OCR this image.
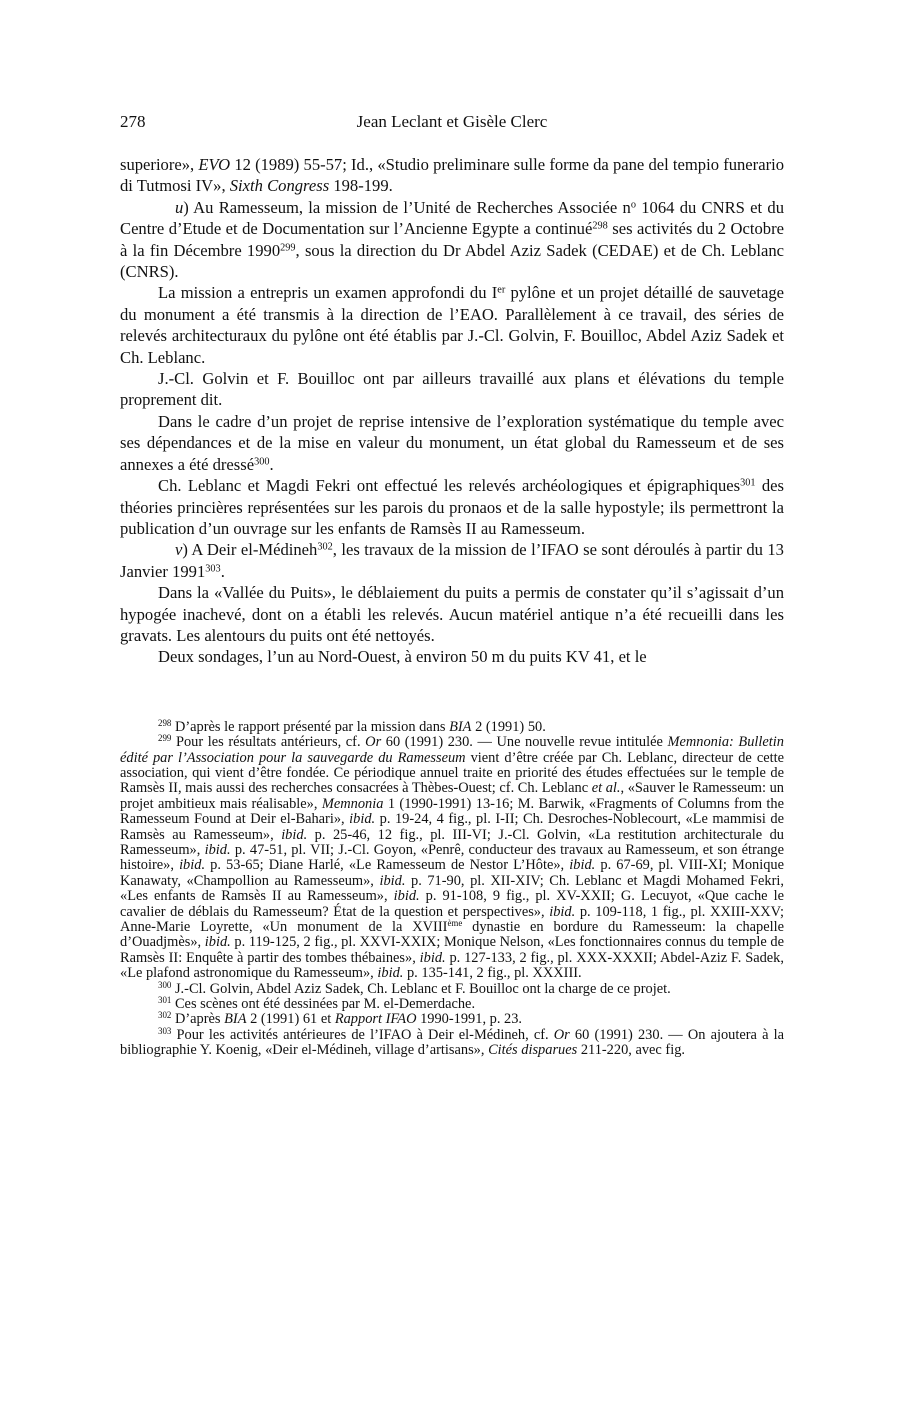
278	Jean Leclant et Gisèle Clerc

superiore», EVO 12 (1989) 55-57; Id., «Studio preliminare sulle forme da pane del tempio funerario di Tutmosi IV», Sixth Congress 198-199.

u) Au Ramesseum, la mission de l’Unité de Recherches Associée $n^o$ 1064 du CNRS et du Centre d’Etude et de Documentation sur l’Ancienne Egypte a continué$^{298}$ ses activités du 2 Octobre à la fin Décembre 1990$^{299}$, sous la direction du Dr Abdel Aziz Sadek (CEDAE) et de Ch. Leblanc (CNRS).

La mission a entrepris un examen approfondi du Ier pylône et un projet détaillé de sauvetage du monument a été transmis à la direction de l’EAO. Parallèlement à ce travail, des séries de relevés architecturaux du pylône ont été établis par J.-Cl. Golvin, F. Bouilloc, Abdel Aziz Sadek et Ch. Leblanc.

J.-Cl. Golvin et F. Bouilloc ont par ailleurs travaillé aux plans et élévations du temple proprement dit.

Dans le cadre d’un projet de reprise intensive de l’exploration systématique du temple avec ses dépendances et de la mise en valeur du monument, un état global du Ramesseum et de ses annexes a été dressé$^{300}$.

Ch. Leblanc et Magdi Fekri ont effectué les relevés archéologiques et épigraphiques$^{301}$ des théories princières représentées sur les parois du pronaos et de la salle hypostyle; ils permettront la publication d’un ouvrage sur les enfants de Ramsès II au Ramesseum.

v) A Deir el-Médineh$^{302}$, les travaux de la mission de l’IFAO se sont déroulés à partir du 13 Janvier 1991$^{303}$.

Dans la «Vallée du Puits», le déblaiement du puits a permis de constater qu’il s’agissait d’un hypogée inachevé, dont on a établi les relevés. Aucun matériel antique n’a été recueilli dans les gravats. Les alentours du puits ont été nettoyés.

Deux sondages, l’un au Nord-Ouest, à environ 50 m du puits KV 41, et le

$^{298}$ D’après le rapport présenté par la mission dans BIA 2 (1991) 50.

$^{299}$ Pour les résultats antérieurs, cf. Or 60 (1991) 230. — Une nouvelle revue intitulée Memnonia: Bulletin édité par l’Association pour la sauvegarde du Ramesseum vient d’être créée par Ch. Leblanc, directeur de cette association, qui vient d’être fondée. Ce périodique annuel traite en priorité des études effectuées sur le temple de Ramsès II, mais aussi des recherches consacrées à Thèbes-Ouest; cf. Ch. Leblanc et al., «Sauver le Ramesseum: un projet ambitieux mais réalisable», Memnonia 1 (1990-1991) 13-16; M. Barwik, «Fragments of Columns from the Ramesseum Found at Deir el-Bahari», ibid. p. 19-24, 4 fig., pl. I-II; Ch. Desroches-Noblecourt, «Le mammisi de Ramsès au Ramesseum», ibid. p. 25-46, 12 fig., pl. III-VI; J.-Cl. Golvin, «La restitution architecturale du Ramesseum», ibid. p. 47-51, pl. VII; J.-Cl. Goyon, «Penrê, conducteur des travaux au Ramesseum, et son étrange histoire», ibid. p. 53-65; Diane Harlé, «Le Ramesseum de Nestor L’Hôte», ibid. p. 67-69, pl. VIII-XI; Monique Kanawaty, «Champollion au Ramesseum», ibid. p. 71-90, pl. XII-XIV; Ch. Leblanc et Magdi Mohamed Fekri, «Les enfants de Ramsès II au Ramesseum», ibid. p. 91-108, 9 fig., pl. XV-XXII; G. Lecuyot, «Que cache le cavalier de déblais du Ramesseum? État de la question et perspectives», ibid. p. 109-118, 1 fig., pl. XXIII-XXV; Anne-Marie Loyrette, «Un monument de la XVIIIème dynastie en bordure du Ramesseum: la chapelle d’Ouadjmès», ibid. p. 119-125, 2 fig., pl. XXVI-XXIX; Monique Nelson, «Les fonctionnaires connus du temple de Ramsès II: Enquête à partir des tombes thébaines», ibid. p. 127-133, 2 fig., pl. XXX-XXXII; Abdel-Aziz F. Sadek, «Le plafond astronomique du Ramesseum», ibid. p. 135-141, 2 fig., pl. XXXIII.

$^{300}$ J.-Cl. Golvin, Abdel Aziz Sadek, Ch. Leblanc et F. Bouilloc ont la charge de ce projet.

$^{301}$ Ces scènes ont été dessinées par M. el-Demerdache.

$^{302}$ D’après BIA 2 (1991) 61 et Rapport IFAO 1990-1991, p. 23.

$^{303}$ Pour les activités antérieures de l’IFAO à Deir el-Médineh, cf. Or 60 (1991) 230. — On ajoutera à la bibliographie Y. Koenig, «Deir el-Médineh, village d’artisans», Cités disparues 211-220, avec fig.
